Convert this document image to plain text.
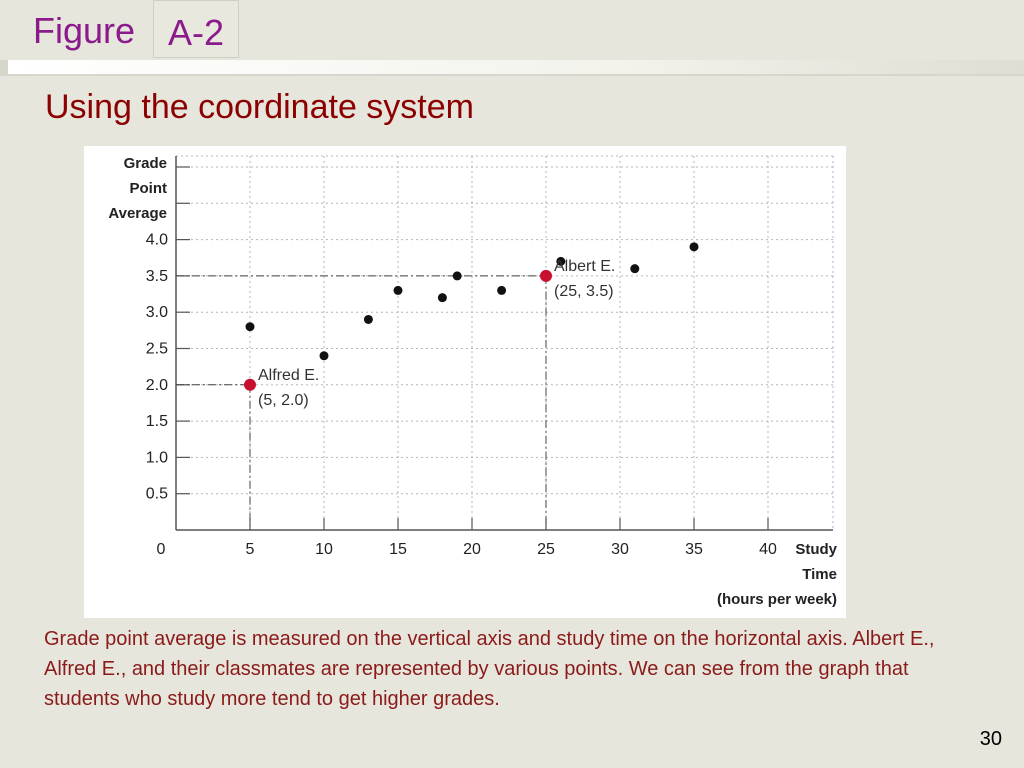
Figure A-2
Using the coordinate system
0.5
1.0
1.5
2.0
2.5
3.0
3.5
4.0
0	5	10	15	20	25	30	35	40
Grade
Point
Average
Study
Time
(hours per week)
Alfred E.
(5, 2.0)
Albert E.
(25, 3.5)
Grade point average is measured on the vertical axis and study time on the horizontal axis. Albert E., Alfred E., and their classmates are represented by various points. We can see from the graph that students who study more tend to get higher grades.
30
